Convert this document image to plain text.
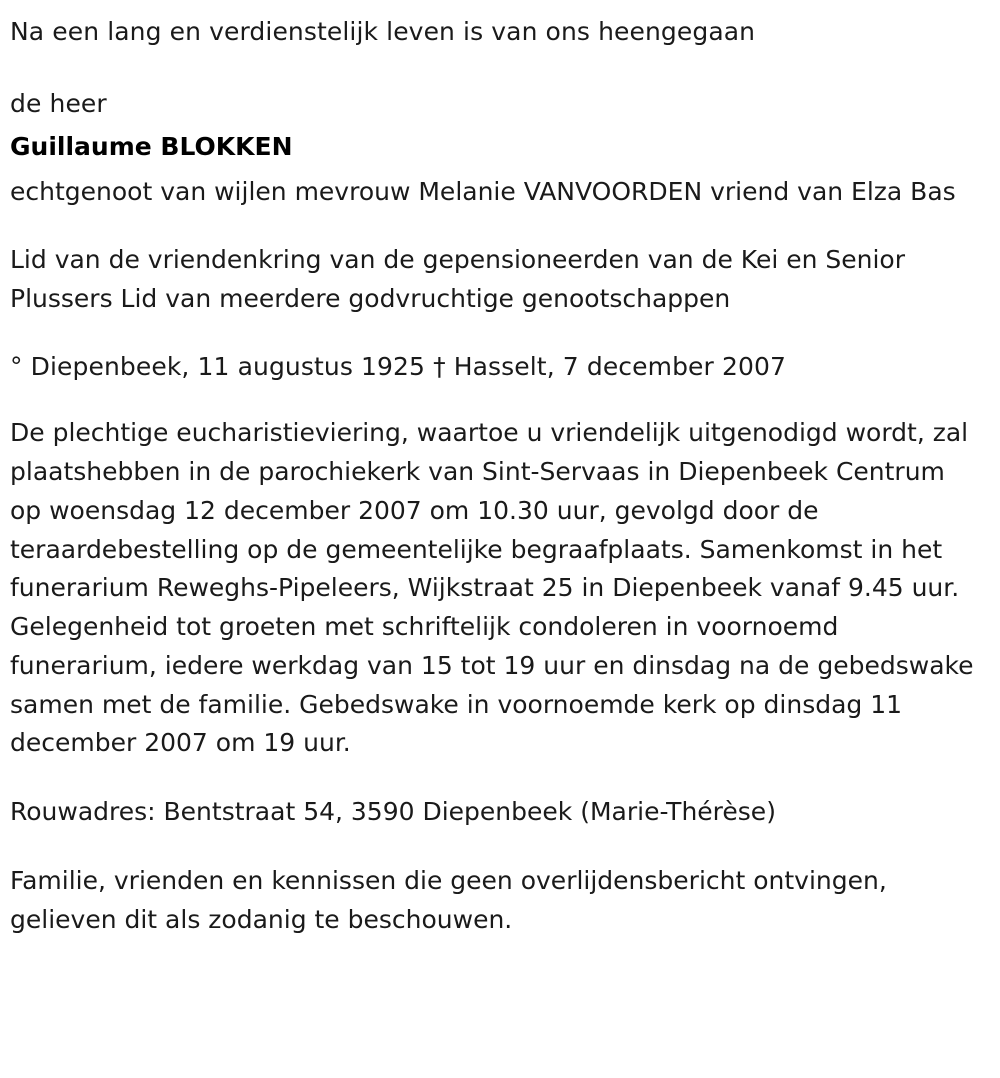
Na een lang en verdienstelijk leven is van ons heengegaan

de heer

Guillaume BLOKKEN

echtgenoot van wijlen mevrouw Melanie VANVOORDEN vriend van Elza Bas

Lid van de vriendenkring van de gepensioneerden van de Kei en Senior Plussers Lid van meerdere godvruchtige genootschappen

° Diepenbeek, 11 augustus 1925 † Hasselt, 7 december 2007

De plechtige eucharistieviering, waartoe u vriendelijk uitgenodigd wordt, zal plaatshebben in de parochiekerk van Sint-Servaas in Diepenbeek Centrum op woensdag 12 december 2007 om 10.30 uur, gevolgd door de teraardebestelling op de gemeentelijke begraafplaats. Samenkomst in het funerarium Reweghs-Pipeleers, Wijkstraat 25 in Diepenbeek vanaf 9.45 uur. Gelegenheid tot groeten met schriftelijk condoleren in voornoemd funerarium, iedere werkdag van 15 tot 19 uur en dinsdag na de gebedswake samen met de familie. Gebedswake in voornoemde kerk op dinsdag 11 december 2007 om 19 uur.

Rouwadres: Bentstraat 54, 3590 Diepenbeek (Marie-Thérèse)

Familie, vrienden en kennissen die geen overlijdensbericht ontvingen, gelieven dit als zodanig te beschouwen.
